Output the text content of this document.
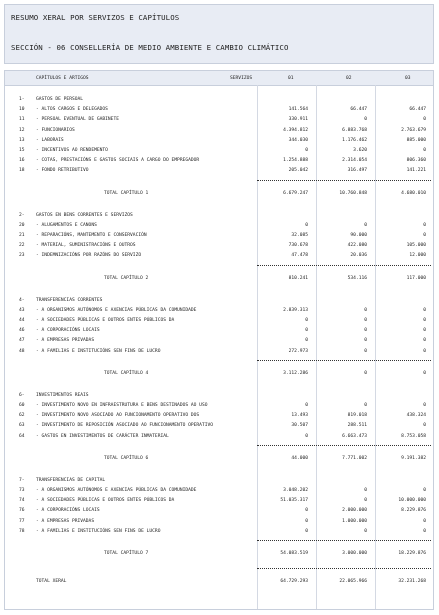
RESUMO XERAL POR SERVIZOS E CAPÍTULOS
SECCIÓN - 06 CONSELLERÍA DE MEDIO AMBIENTE E CAMBIO CLIMÁTICO
CAPÍTULOS E ARTIGOS	SERVIZOS	01	02	03
1- GASTOS DE PERSOAL
10 - ALTOS CARGOS E DELEGADOS	141.564	66.447	66.447
11 - PERSOAL EVENTUAL DE GABINETE	330.911	0	0
12 - FUNCIONARIOS	4.394.812	6.883.768	2.763.679
13 - LABORAIS	344.030	1.176.462	885.000
15 - INCENTIVOS AO RENDEMENTO	0	3.620	0
16 - COTAS, PRESTACIÓNS E GASTOS SOCIAIS A CARGO DO EMPREGADOR	1.254.888	2.314.054	806.360
18 - FONDO RETRIBUTIVO	205.042	316.497	141.221
TOTAL CAPÍTULO 1	6.679.247	10.760.848	4.680.010
2- GASTOS EN BENS CORRENTES E SERVIZOS
20 - ALUGAMENTOS E CANONS	0	0	0
21 - REPARACIÓNS, MANTEMENTO E CONSERVACIÓN	32.085	90.000	0
22 - MATERIAL, SUMINISTRACIÓNS E OUTROS	730.678	422.080	105.000
23 - INDEMNIZACIÓNS POR RAZÓNS DO SERVIZO	47.478	20.036	12.000
TOTAL CAPÍTULO 2	810.241	534.116	117.000
4- TRANSFERENCIAS CORRENTES
43 - A ORGANISMOS AUTÓNOMOS E AXENCIAS PÚBLICAS DA COMUNIDADE	2.839.313	0	0
44 - A SOCIEDADES PÚBLICAS E OUTROS ENTES PÚBLICOS DA	0	0	0
46 - A CORPORACIÓNS LOCAIS	0	0	0
47 - A EMPRESAS PRIVADAS	0	0	0
48 - A FAMILIAS E INSTITUCIÓNS SEN FINS DE LUCRO	272.973	0	0
TOTAL CAPÍTULO 4	3.112.286	0	0
6- INVESTIMENTOS REAIS
60 - INVESTIMENTO NOVO EN INFRAESTRUTURA E BENS DESTINADOS AO USO	0	0	0
62 - INVESTIMENTO NOVO ASOCIADO AO FUNCIONAMENTO OPERATIVO DOS	13.493	819.018	438.324
63 - INVESTIMENTO DE REPOSICIÓN ASOCIADO AO FUNCIONAMENTO OPERATIVO	30.507	288.511	0
64 - GASTOS EN INVESTIMENTOS DE CARÁCTER INMATERIAL	0	6.663.473	8.753.058
TOTAL CAPÍTULO 6	44.000	7.771.002	9.191.382
7- TRANSFERENCIAS DE CAPITAL
73 - A ORGANISMOS AUTÓNOMOS E AXENCIAS PÚBLICAS DA COMUNIDADE	3.048.202	0	0
74 - A SOCIEDADES PÚBLICAS E OUTROS ENTES PÚBLICOS DA	51.035.317	0	10.000.000
76 - A CORPORACIÓNS LOCAIS	0	2.000.000	8.229.876
77 - A EMPRESAS PRIVADAS	0	1.000.000	0
78 - A FAMILIAS E INSTITUCIÓNS SEN FINS DE LUCRO	0	0	0
TOTAL CAPÍTULO 7	54.083.519	3.000.000	18.229.876
TOTAL XERAL	64.729.293	22.065.966	32.231.268
